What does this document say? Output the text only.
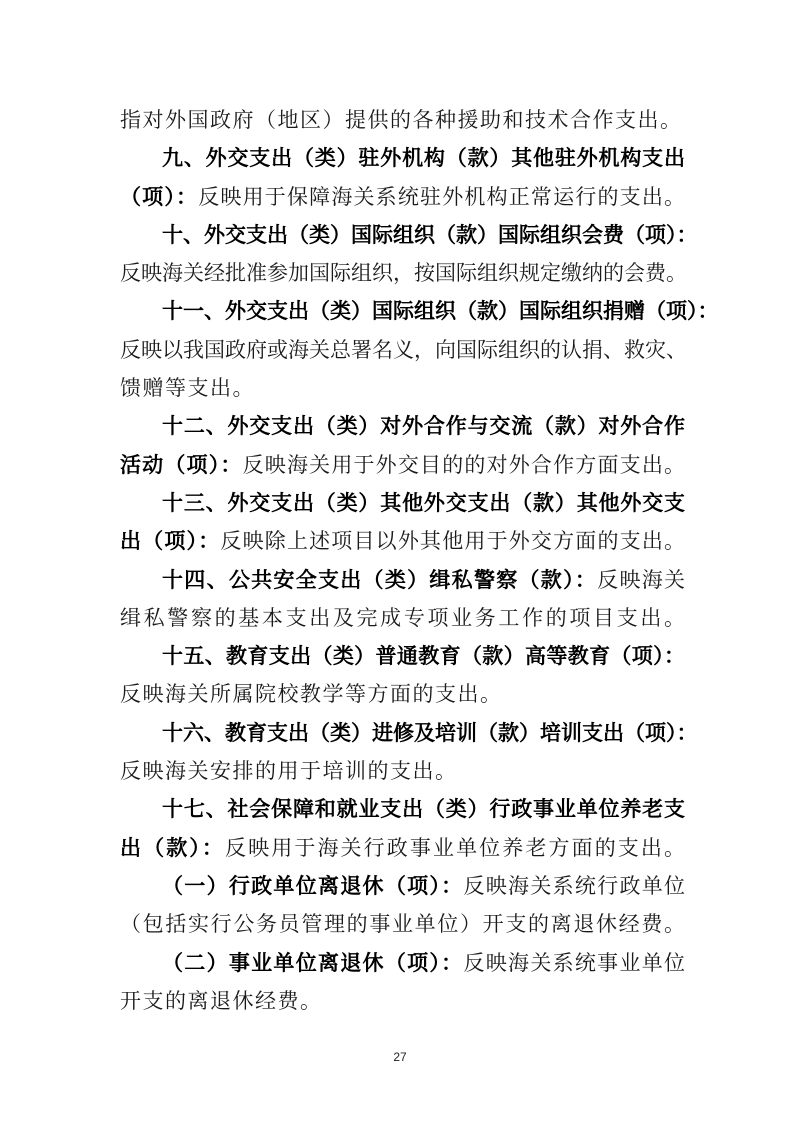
指对外国政府（地区）提供的各种援助和技术合作支出。
九、外交支出（类）驻外机构（款）其他驻外机构支出
（项）：反映用于保障海关系统驻外机构正常运行的支出。
十、外交支出（类）国际组织（款）国际组织会费（项）：
反映海关经批准参加国际组织，按国际组织规定缴纳的会费。
十一、外交支出（类）国际组织（款）国际组织捐赠（项）：
反映以我国政府或海关总署名义，向国际组织的认捐、救灾、
馈赠等支出。
十二、外交支出（类）对外合作与交流（款）对外合作
活动（项）：反映海关用于外交目的的对外合作方面支出。
十三、外交支出（类）其他外交支出（款）其他外交支
出（项）：反映除上述项目以外其他用于外交方面的支出。
十四、公共安全支出（类）缉私警察（款）：反映海关
缉私警察的基本支出及完成专项业务工作的项目支出。
十五、教育支出（类）普通教育（款）高等教育（项）：
反映海关所属院校教学等方面的支出。
十六、教育支出（类）进修及培训（款）培训支出（项）：
反映海关安排的用于培训的支出。
十七、社会保障和就业支出（类）行政事业单位养老支
出（款）：反映用于海关行政事业单位养老方面的支出。
（一）行政单位离退休（项）：反映海关系统行政单位
（包括实行公务员管理的事业单位）开支的离退休经费。
（二）事业单位离退休（项）：反映海关系统事业单位
开支的离退休经费。
27
